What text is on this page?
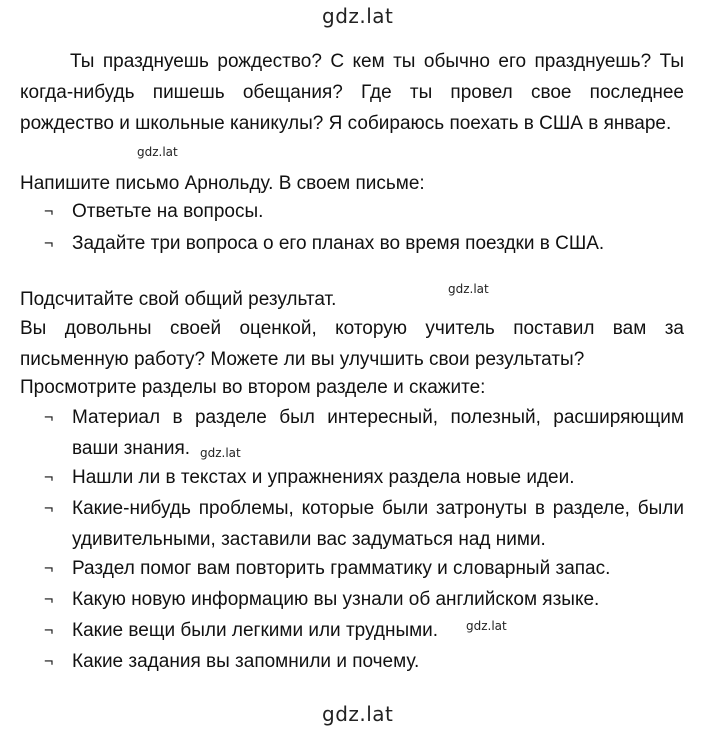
gdz.lat
Ты празднуешь рождество? С кем ты обычно его празднуешь? Ты когда-нибудь пишешь обещания? Где ты провел свое последнее рождество и школьные каникулы? Я собираюсь поехать в США в январе.
gdz.lat
Напишите письмо Арнольду. В своем письме:
¬ Ответьте на вопросы.
¬ Задайте три вопроса о его планах во время поездки в США.
Подсчитайте свой общий результат.	gdz.lat
Вы довольны своей оценкой, которую учитель поставил вам за письменную работу? Можете ли вы улучшить свои результаты?
Просмотрите разделы во втором разделе и скажите:
¬ Материал в разделе был интересный, полезный, расширяющим ваши знания. gdz.lat
¬ Нашли ли в текстах и упражнениях раздела новые идеи.
¬ Какие-нибудь проблемы, которые были затронуты в разделе, были удивительными, заставили вас задуматься над ними.
¬ Раздел помог вам повторить грамматику и словарный запас.
¬ Какую новую информацию вы узнали об английском языке.
¬ Какие вещи были легкими или трудными.	gdz.lat
¬ Какие задания вы запомнили и почему.
gdz.lat
